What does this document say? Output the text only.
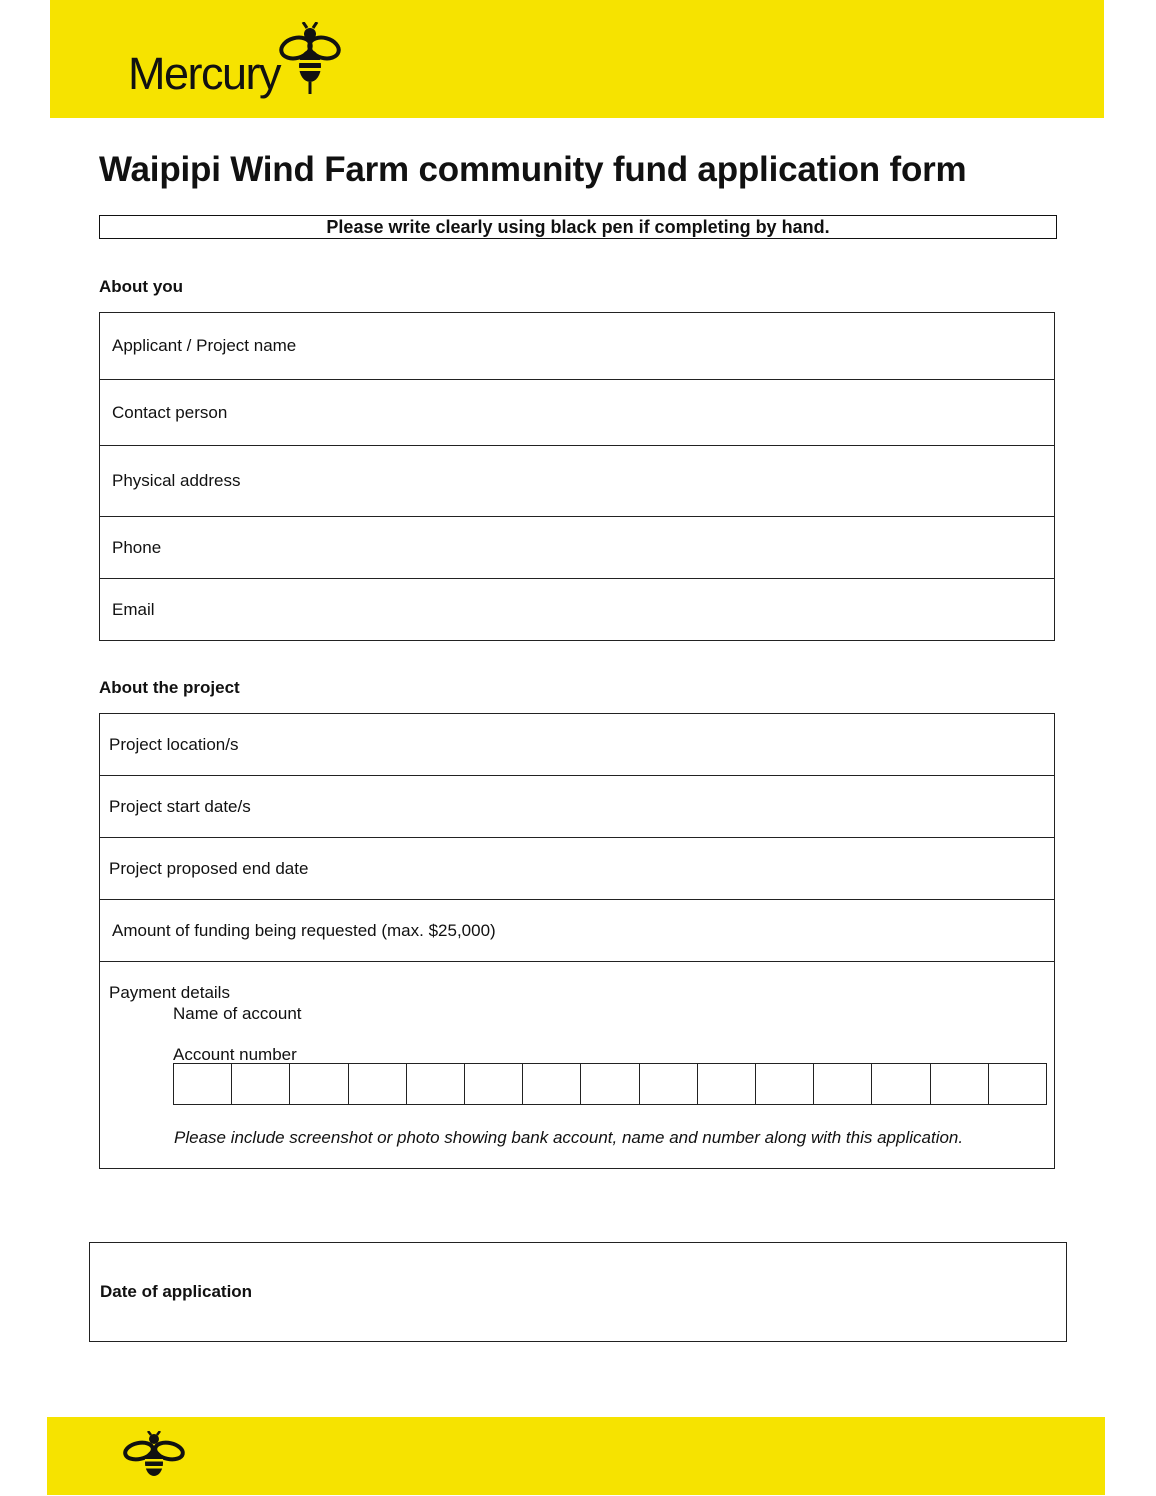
Mercury
Waipipi Wind Farm community fund application form
Please write clearly using black pen if completing by hand.
About you
Applicant / Project name
Contact person
Physical address
Phone
Email
About the project
Project location/s
Project start date/s
Project proposed end date
Amount of funding being requested (max. $25,000)
Payment details
Name of account
Account number
Please include screenshot or photo showing bank account, name and number along with this application.
Date of application
